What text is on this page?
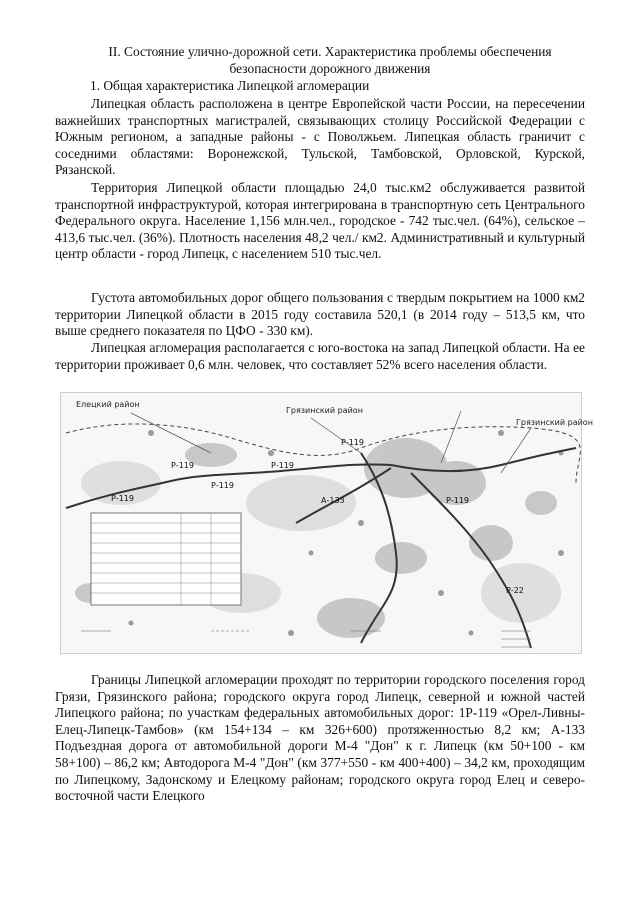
II. Состояние улично-дорожной сети. Характеристика проблемы обеспечения
безопасности дорожного движения
1. Общая характеристика Липецкой агломерации

Липецкая область расположена в центре Европейской части России, на пересечении важнейших транспортных магистралей, связывающих столицу Российской Федерации с Южным регионом, а западные районы - с Поволжьем. Липецкая область граничит с соседними областями: Воронежской, Тульской, Тамбовской, Орловской, Курской, Рязанской.

Территория Липецкой области площадью 24,0 тыс.км2 обслуживается развитой транспортной инфраструктурой, которая интегрирована в транспортную сеть Центрального Федерального округа. Население 1,156 млн.чел., городское - 742 тыс.чел. (64%), сельское – 413,6 тыс.чел. (36%). Плотность населения 48,2 чел./ км2. Административный и культурный центр области - город Липецк, с населением 510 тыс.чел.

Густота автомобильных дорог общего пользования с твердым покрытием на 1000 км2 территории Липецкой области в 2015 году составила 520,1 (в 2014 году – 513,5 км, что выше среднего показателя по ЦФО - 330 км).

Липецкая агломерация располагается с юго-востока на запад Липецкой области. На ее территории проживает 0,6 млн. человек, что составляет 52% всего населения области.

Елецкий район
Грязинский район
Грязинский район
Р-119
Р-119
Р-119
Р-119
Р-119
А-133	Р-119
Р-22

Границы Липецкой агломерации проходят по территории городского поселения город Грязи, Грязинского района; городского округа город Липецк, северной и южной частей Липецкого района; по участкам федеральных автомобильных дорог: 1Р-119 «Орел-Ливны-Елец-Липецк-Тамбов» (км 154+134 – км 326+600) протяженностью 8,2 км; А-133 Подъездная дорога от автомобильной дороги М-4 "Дон" к г. Липецк (км 50+100 - км 58+100) – 86,2 км; Автодорога М-4 "Дон" (км 377+550 - км 400+400) – 34,2 км, проходящим по Липецкому, Задонскому и Елецкому районам; городского округа город Елец и северо-восточной части Елецкого
